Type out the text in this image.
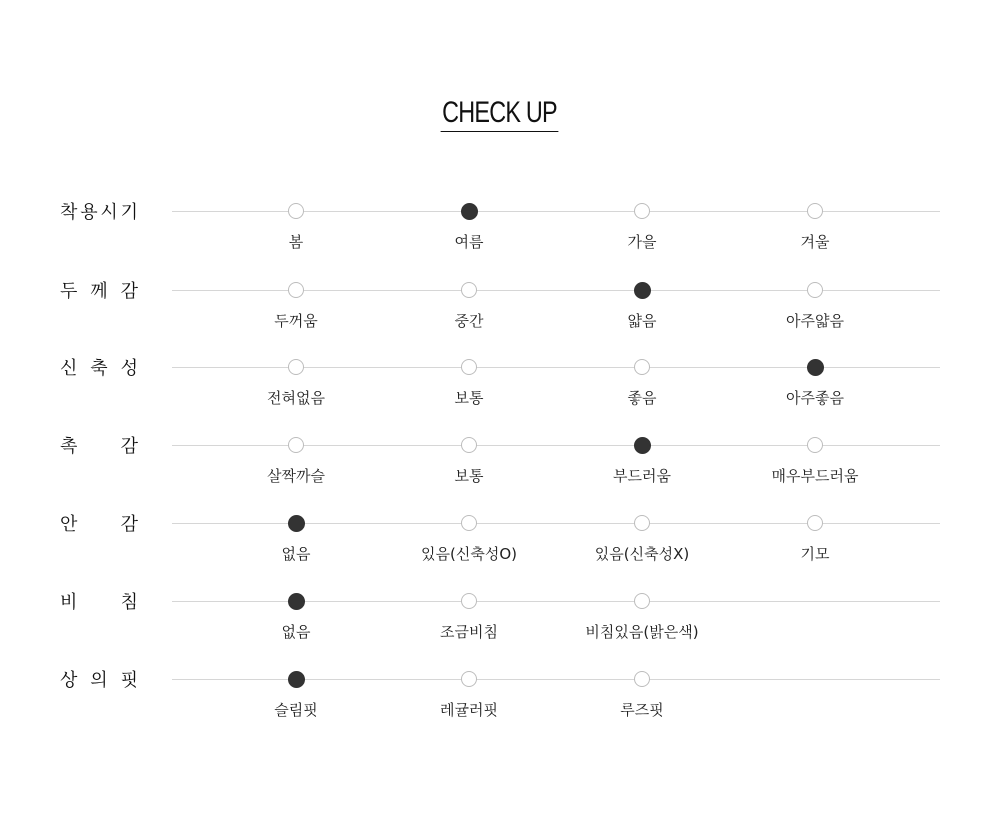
CHECK UP
착 용 시 기
봄	여름	가을	겨울
두 께 감
두꺼움	중간	얇음	아주얇음
신 축 성
전혀없음	보통	좋음	아주좋음
촉 감
살짝까슬	보통	부드러움	매우부드러움
안 감
없음	있음(신축성O)	있음(신축성X)	기모
비 침
없음	조금비침	비침있음(밝은색)
상 의 핏
슬림핏	레귤러핏	루즈핏
